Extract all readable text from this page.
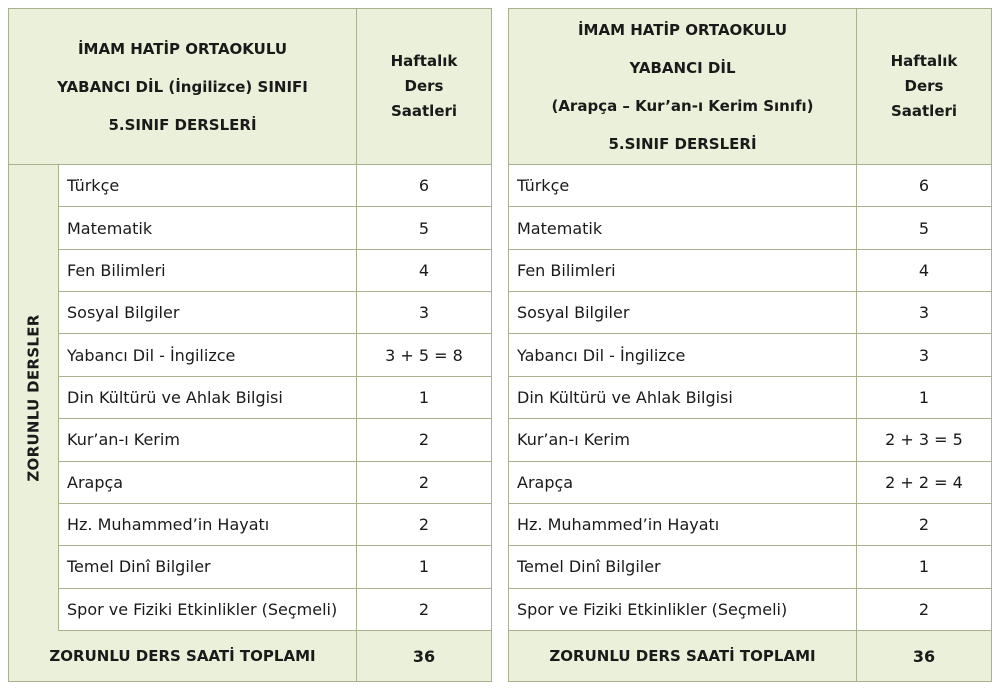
İMAM HATİP ORTAOKULU
YABANCI DİL (İngilizce) SINIFI
5.SINIF DERSLERİ
Haftalık
Ders
Saatleri
ZORUNLU DERSLER
Türkçe	6
Matematik	5
Fen Bilimleri	4
Sosyal Bilgiler	3
Yabancı Dil - İngilizce	3 + 5 = 8
Din Kültürü ve Ahlak Bilgisi	1
Kur’an-ı Kerim	2
Arapça	2
Hz. Muhammed’in Hayatı	2
Temel Dinî Bilgiler	1
Spor ve Fiziki Etkinlikler (Seçmeli)	2
ZORUNLU DERS SAATİ TOPLAMI	36
İMAM HATİP ORTAOKULU
YABANCI DİL
(Arapça – Kur’an-ı Kerim Sınıfı)
5.SINIF DERSLERİ
Haftalık
Ders
Saatleri
Türkçe	6
Matematik	5
Fen Bilimleri	4
Sosyal Bilgiler	3
Yabancı Dil - İngilizce	3
Din Kültürü ve Ahlak Bilgisi	1
Kur’an-ı Kerim	2 + 3 = 5
Arapça	2 + 2 = 4
Hz. Muhammed’in Hayatı	2
Temel Dinî Bilgiler	1
Spor ve Fiziki Etkinlikler (Seçmeli)	2
ZORUNLU DERS SAATİ TOPLAMI	36
